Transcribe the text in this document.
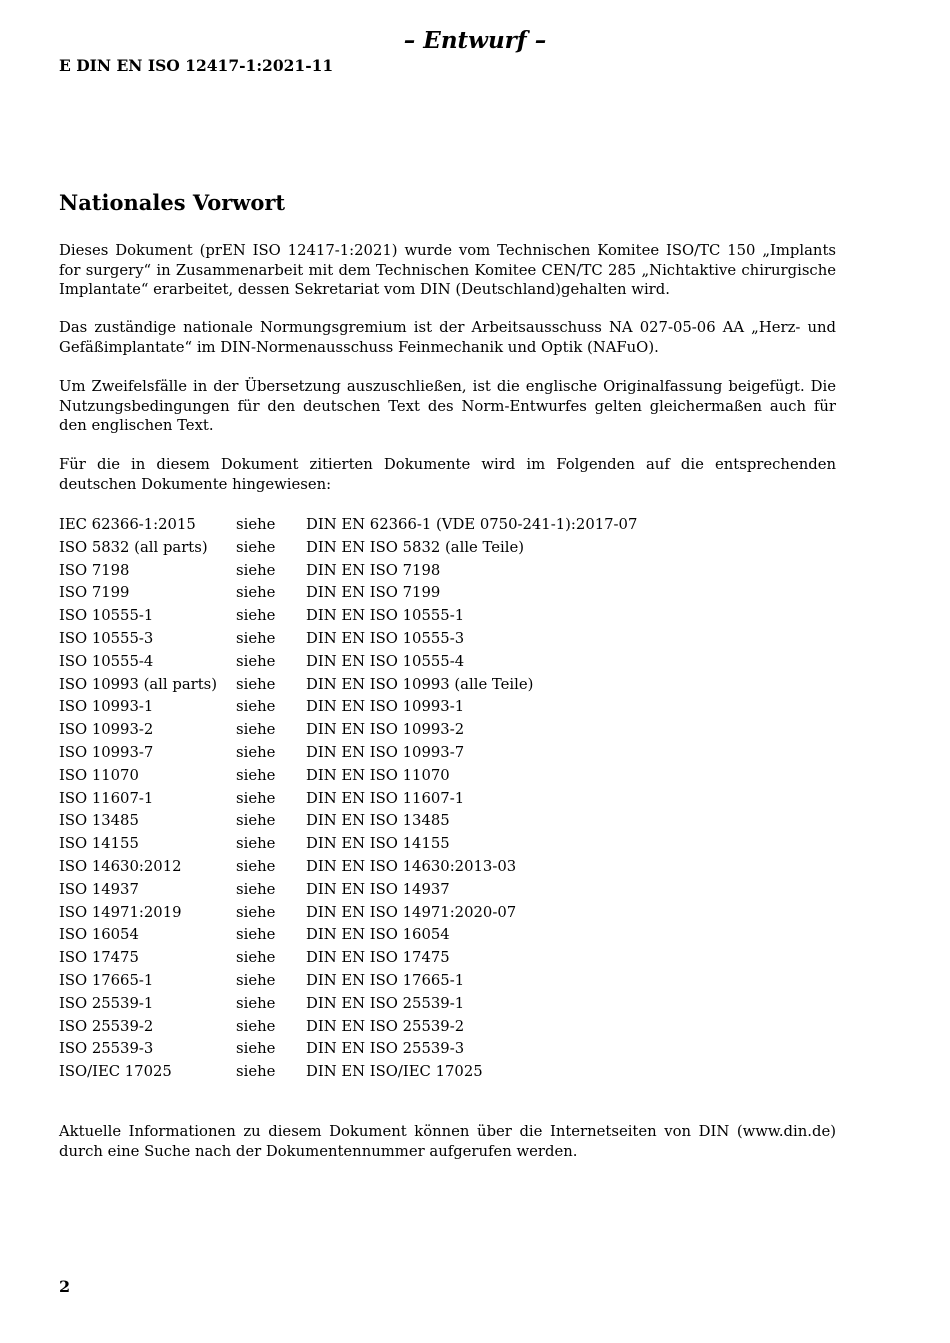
– Entwurf –
E DIN EN ISO 12417-1:2021-11
Nationales Vorwort

Dieses Dokument (prEN ISO 12417-1:2021) wurde vom Technischen Komitee ISO/TC 150 „Implants for surgery“ in Zusammenarbeit mit dem Technischen Komitee CEN/TC 285 „Nichtaktive chirurgische Implantate“ erarbeitet, dessen Sekretariat vom DIN (Deutschland)gehalten wird.

Das zuständige nationale Normungsgremium ist der Arbeitsausschuss NA 027-05-06 AA „Herz- und Gefäßimplantate“ im DIN-Normenausschuss Feinmechanik und Optik (NAFuO).

Um Zweifelsfälle in der Übersetzung auszuschließen, ist die englische Originalfassung beigefügt. Die Nutzungsbedingungen für den deutschen Text des Norm-Entwurfes gelten gleichermaßen auch für den englischen Text.

Für die in diesem Dokument zitierten Dokumente wird im Folgenden auf die entsprechenden deutschen Dokumente hingewiesen:

IEC 62366-1:2015	siehe	DIN EN 62366-1 (VDE 0750-241-1):2017-07
ISO 5832 (all parts)	siehe	DIN EN ISO 5832 (alle Teile)
ISO 7198	siehe	DIN EN ISO 7198
ISO 7199	siehe	DIN EN ISO 7199
ISO 10555-1	siehe	DIN EN ISO 10555-1
ISO 10555-3	siehe	DIN EN ISO 10555-3
ISO 10555-4	siehe	DIN EN ISO 10555-4
ISO 10993 (all parts)	siehe	DIN EN ISO 10993 (alle Teile)
ISO 10993-1	siehe	DIN EN ISO 10993-1
ISO 10993-2	siehe	DIN EN ISO 10993-2
ISO 10993-7	siehe	DIN EN ISO 10993-7
ISO 11070	siehe	DIN EN ISO 11070
ISO 11607-1	siehe	DIN EN ISO 11607-1
ISO 13485	siehe	DIN EN ISO 13485
ISO 14155	siehe	DIN EN ISO 14155
ISO 14630:2012	siehe	DIN EN ISO 14630:2013-03
ISO 14937	siehe	DIN EN ISO 14937
ISO 14971:2019	siehe	DIN EN ISO 14971:2020-07
ISO 16054	siehe	DIN EN ISO 16054
ISO 17475	siehe	DIN EN ISO 17475
ISO 17665-1	siehe	DIN EN ISO 17665-1
ISO 25539-1	siehe	DIN EN ISO 25539-1
ISO 25539-2	siehe	DIN EN ISO 25539-2
ISO 25539-3	siehe	DIN EN ISO 25539-3
ISO/IEC 17025	siehe	DIN EN ISO/IEC 17025

Aktuelle Informationen zu diesem Dokument können über die Internetseiten von DIN (www.din.de) durch eine Suche nach der Dokumentennummer aufgerufen werden.

2
